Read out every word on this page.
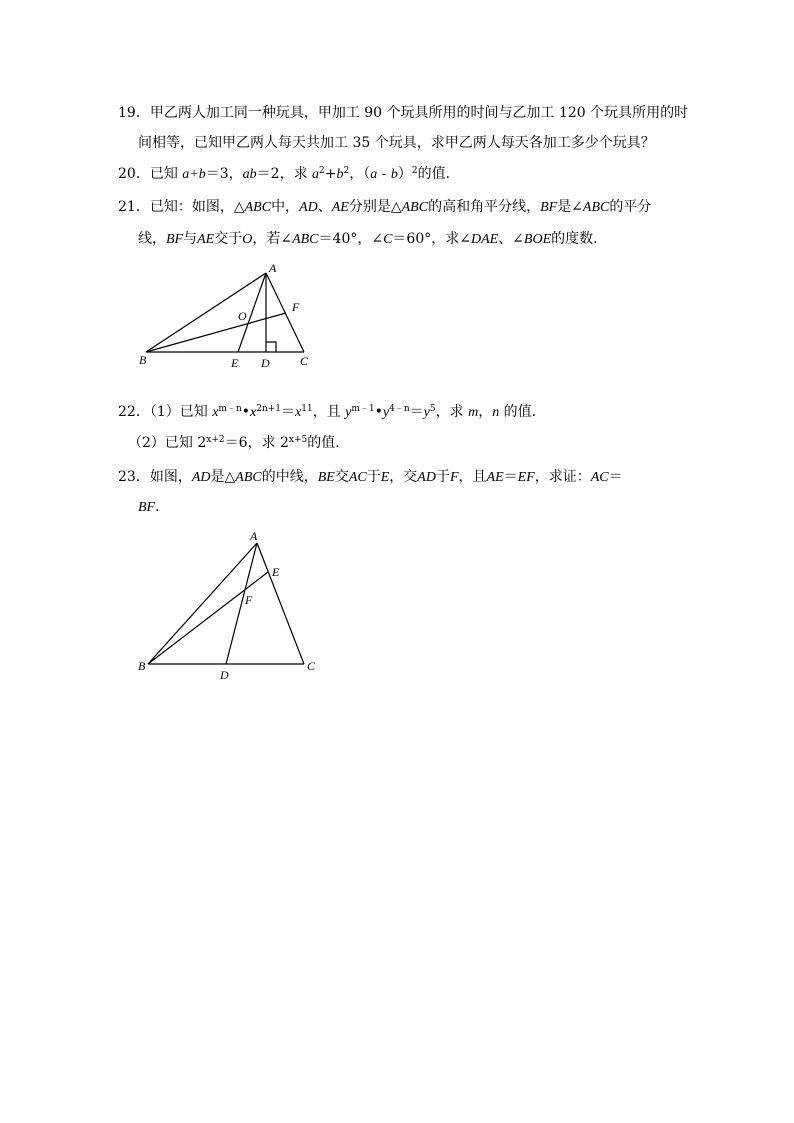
19．甲乙两人加工同一种玩具，甲加工 90 个玩具所用的时间与乙加工 120 个玩具所用的时
间相等，已知甲乙两人每天共加工 35 个玩具，求甲乙两人每天各加工多少个玩具？
20．已知 a+b＝3，ab＝2，求 $a^2+b^2$，（a - b）$^2$的值．
21．已知：如图，△ABC中，AD、AE分别是△ABC的高和角平分线，BF是∠ABC的平分
线，BF与AE交于O，若∠ABC＝40°，∠C＝60°，求∠DAE、∠BOE的度数．
A
B	C
D
E
F
O
22．（1）已知 $x^{m﹣n}•x^{2n+1}=x^{11}$，且 $y^{m﹣1}•y^{4﹣n}=y^5$，求 m，n 的值．
（2）已知 $2^{x+2}=6$，求 $2^{x+5}$的值．
23．如图，AD是△ABC的中线，BE交AC于E，交AD于F，且AE＝EF，求证：AC＝
BF．
A
B	C
D
E
F
